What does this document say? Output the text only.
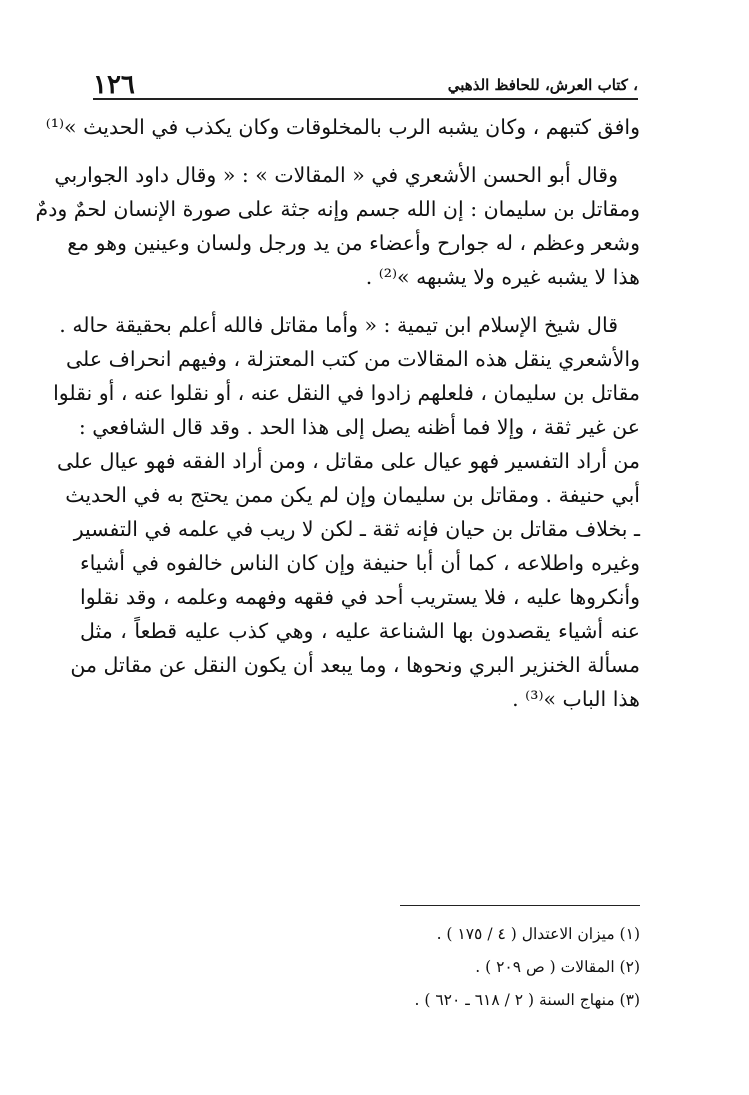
١٢٦	، كتاب العرش، للحافظ الذهبي
وافق كتبهم ، وكان يشبه الرب بالمخلوقات وكان يكذب في الحديث »⁽¹⁾
وقال أبو الحسن الأشعري في « المقالات » : « وقال داود الجواربي
ومقاتل بن سليمان : إن الله جسم وإنه جثة على صورة الإنسان لحمٌ ودمٌ
وشعر وعظم ، له جوارح وأعضاء من يد ورجل ولسان وعينين وهو مع
هذا لا يشبه غيره ولا يشبهه »⁽²⁾ .
قال شيخ الإسلام ابن تيمية : « وأما مقاتل فالله أعلم بحقيقة حاله .
والأشعري ينقل هذه المقالات من كتب المعتزلة ، وفيهم انحراف على
مقاتل بن سليمان ، فلعلهم زادوا في النقل عنه ، أو نقلوا عنه ، أو نقلوا
عن غير ثقة ، وإلا فما أظنه يصل إلى هذا الحد . وقد قال الشافعي :
من أراد التفسير فهو عيال على مقاتل ، ومن أراد الفقه فهو عيال على
أبي حنيفة . ومقاتل بن سليمان وإن لم يكن ممن يحتج به في الحديث
ـ بخلاف مقاتل بن حيان فإنه ثقة ـ لكن لا ريب في علمه في التفسير
وغيره واطلاعه ، كما أن أبا حنيفة وإن كان الناس خالفوه في أشياء
وأنكروها عليه ، فلا يستريب أحد في فقهه وفهمه وعلمه ، وقد نقلوا
عنه أشياء يقصدون بها الشناعة عليه ، وهي كذب عليه قطعاً ، مثل
مسألة الخنزير البري ونحوها ، وما يبعد أن يكون النقل عن مقاتل من
هذا الباب »⁽³⁾ .
(١) ميزان الاعتدال ( ٤ / ١٧٥ ) .
(٢) المقالات ( ص ٢٠٩ ) .
(٣) منهاج السنة ( ٢ / ٦١٨ ـ ٦٢٠ ) .
